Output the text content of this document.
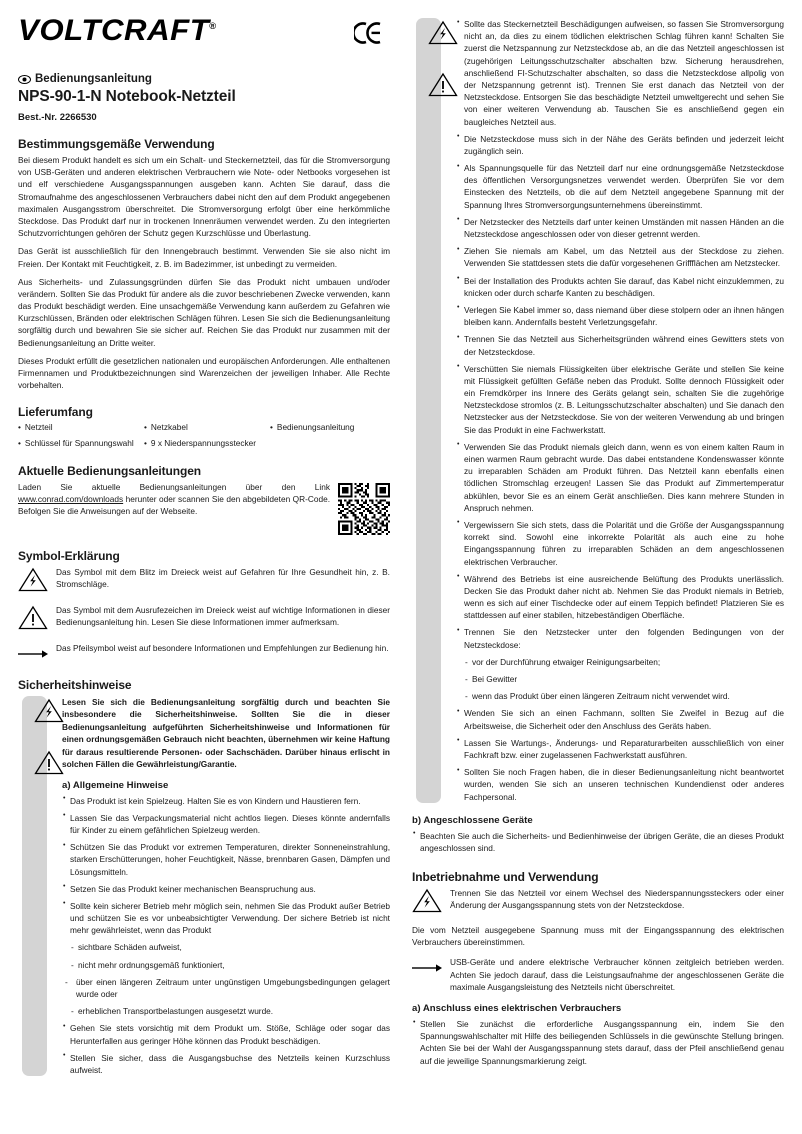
VOLTCRAFT®
Bedienungsanleitung
NPS-90-1-N Notebook-Netzteil
Best.-Nr. 2266530
Bestimmungsgemäße Verwendung

Bei diesem Produkt handelt es sich um ein Schalt- und Steckernetzteil, das für die Stromversorgung von USB-Geräten und anderen elektrischen Verbrauchern wie Note- oder Netbooks vorgesehen ist und elf verschiedene Ausgangsspannungen ausgeben kann. Achten Sie darauf, dass die Stromaufnahme des angeschlossenen Verbrauchers dabei nicht den auf dem Produkt angegebenen maximalen Ausgangsstrom überschreitet. Die Stromversorgung erfolgt über eine herkömmliche Steckdose. Das Produkt darf nur in trockenen Innenräumen verwendet werden. Zu den integrierten Schutzvorrichtungen gehören der Schutz gegen Kurzschlüsse und Überlastung.

Das Gerät ist ausschließlich für den Innengebrauch bestimmt. Verwenden Sie sie also nicht im Freien. Der Kontakt mit Feuchtigkeit, z. B. im Badezimmer, ist unbedingt zu vermeiden.

Aus Sicherheits- und Zulassungsgründen dürfen Sie das Produkt nicht umbauen und/oder verändern. Sollten Sie das Produkt für andere als die zuvor beschriebenen Zwecke verwenden, kann das Produkt beschädigt werden. Eine unsachgemäße Verwendung kann außerdem zu Gefahren wie Kurzschlüssen, Bränden oder elektrischen Schlägen führen. Lesen Sie sich die Bedienungsanleitung sorgfältig durch und bewahren Sie sie sicher auf. Reichen Sie das Produkt nur zusammen mit der Bedienungsanleitung an Dritte weiter.

Dieses Produkt erfüllt die gesetzlichen nationalen und europäischen Anforderungen. Alle enthaltenen Firmennamen und Produktbezeichnungen sind Warenzeichen der jeweiligen Inhaber. Alle Rechte vorbehalten.

Lieferumfang
• Netzteil	• Netzkabel	• Bedienungsanleitung
• Schlüssel für Spannungswahl • 9 x Niederspannungsstecker
Aktuelle Bedienungsanleitungen

Laden Sie aktuelle Bedienungsanleitungen über den Link www.conrad.com/downloads herunter oder scannen Sie den abgebildeten QR-Code. Befolgen Sie die Anweisungen auf der Webseite.

Symbol-Erklärung
Das Symbol mit dem Blitz im Dreieck weist auf Gefahren für Ihre Gesundheit hin, z. B. Stromschläge.
Das Symbol mit dem Ausrufezeichen im Dreieck weist auf wichtige Informationen in dieser Bedienungsanleitung hin. Lesen Sie diese Informationen immer aufmerksam.
Das Pfeilsymbol weist auf besondere Informationen und Empfehlungen zur Bedienung hin.
Sicherheitshinweise

Lesen Sie sich die Bedienungsanleitung sorgfältig durch und beachten Sie insbesondere die Sicherheitshinweise. Sollten Sie die in dieser Bedienungsanleitung aufgeführten Sicherheitshinweise und Informationen für einen ordnungsgemäßen Gebrauch nicht beachten, übernehmen wir keine Haftung für daraus resultierende Personen- oder Sachschäden. Darüber hinaus erlischt in solchen Fällen die Gewährleistung/Garantie.
a) Allgemeine Hinweise
• Das Produkt ist kein Spielzeug. Halten Sie es von Kindern und Haustieren fern.
• Lassen Sie das Verpackungsmaterial nicht achtlos liegen. Dieses könnte andernfalls für Kinder zu einem gefährlichen Spielzeug werden.
• Schützen Sie das Produkt vor extremen Temperaturen, direkter Sonneneinstrahlung, starken Erschütterungen, hoher Feuchtigkeit, Nässe, brennbaren Gasen, Dämpfen und Lösungsmitteln.
• Setzen Sie das Produkt keiner mechanischen Beanspruchung aus.
• Sollte kein sicherer Betrieb mehr möglich sein, nehmen Sie das Produkt außer Betrieb und schützen Sie es vor unbeabsichtigter Verwendung. Der sichere Betrieb ist nicht mehr gewährleistet, wenn das Produkt
- sichtbare Schäden aufweist,
- nicht mehr ordnungsgemäß funktioniert,
- über einen längeren Zeitraum unter ungünstigen Umgebungsbedingungen gelagert wurde oder
- erheblichen Transportbelastungen ausgesetzt wurde.
• Gehen Sie stets vorsichtig mit dem Produkt um. Stöße, Schläge oder sogar das Herunterfallen aus geringer Höhe können das Produkt beschädigen.
• Stellen Sie sicher, dass die Ausgangsbuchse des Netzteils keinen Kurzschluss aufweist.

• Sollte das Steckernetzteil Beschädigungen aufweisen, so fassen Sie Stromversorgung nicht an, da dies zu einem tödlichen elektrischen Schlag führen kann! Schalten Sie zuerst die Netzspannung zur Netzsteckdose ab, an die das Netzteil angeschlossen ist (zugehörigen Leitungsschutzschalter abschalten bzw. Sicherung herausdrehen, anschließend FI-Schutzschalter abschalten, so dass die Netzsteckdose allpolig von der Netzspannung getrennt ist). Trennen Sie erst danach das Netzteil von der Netzsteckdose. Entsorgen Sie das beschädigte Netzteil umweltgerecht und sehen Sie von einer weiteren Verwendung ab. Tauschen Sie es anschließend gegen ein baugleiches Netzteil aus.
• Die Netzsteckdose muss sich in der Nähe des Geräts befinden und jederzeit leicht zugänglich sein.
• Als Spannungsquelle für das Netzteil darf nur eine ordnungsgemäße Netzsteckdose des öffentlichen Versorgungsnetzes verwendet werden. Überprüfen Sie vor dem Einstecken des Netzteils, ob die auf dem Netzteil angegebene Spannung mit der Spannung Ihres Stromversorgungsunternehmens übereinstimmt.
• Der Netzstecker des Netzteils darf unter keinen Umständen mit nassen Händen an die Netzsteckdose angeschlossen oder von dieser getrennt werden.
• Ziehen Sie niemals am Kabel, um das Netzteil aus der Steckdose zu ziehen. Verwenden Sie stattdessen stets die dafür vorgesehenen Griffflächen am Netzstecker.
• Bei der Installation des Produkts achten Sie darauf, das Kabel nicht einzuklemmen, zu knicken oder durch scharfe Kanten zu beschädigen.
• Verlegen Sie Kabel immer so, dass niemand über diese stolpern oder an ihnen hängen bleiben kann. Andernfalls besteht Verletzungsgefahr.
• Trennen Sie das Netzteil aus Sicherheitsgründen während eines Gewitters stets von der Netzsteckdose.
• Verschütten Sie niemals Flüssigkeiten über elektrische Geräte und stellen Sie keine mit Flüssigkeit gefüllten Gefäße neben das Produkt. Sollte dennoch Flüssigkeit oder ein Fremdkörper ins Innere des Geräts gelangt sein, schalten Sie die zugehörige Netzsteckdose stromlos (z. B. Leitungsschutzschalter abschalten) und Sie danach den Netzstecker aus der Netzsteckdose. Sie von der weiteren Verwendung ab und bringen Sie das Produkt in eine Fachwerkstatt.
• Verwenden Sie das Produkt niemals gleich dann, wenn es von einem kalten Raum in einen warmen Raum gebracht wurde. Das dabei entstandene Kondenswasser könnte zu irreparablen Schäden am Produkt führen. Das Netzteil kann ebenfalls einen tödlichen Stromschlag erzeugen! Lassen Sie das Produkt auf Zimmertemperatur abkühlen, bevor Sie es an einem Gerät anschließen. Dies kann mehrere Stunden in Anspruch nehmen.
• Vergewissern Sie sich stets, dass die Polarität und die Größe der Ausgangsspannung korrekt sind. Sowohl eine inkorrekte Polarität als auch eine zu hohe Eingangsspannung führen zu irreparablen Schäden an dem angeschlossenen elektrischen Verbraucher.
• Während des Betriebs ist eine ausreichende Belüftung des Produkts unerlässlich. Decken Sie das Produkt daher nicht ab. Nehmen Sie das Produkt niemals in Betrieb, wenn es sich auf einer Tischdecke oder auf einem Teppich befindet! Platzieren Sie es stattdessen auf einer stabilen, hitzebeständigen Oberfläche.
• Trennen Sie den Netzstecker unter den folgenden Bedingungen von der Netzsteckdose:
- vor der Durchführung etwaiger Reinigungsarbeiten;
- Bei Gewitter
- wenn das Produkt über einen längeren Zeitraum nicht verwendet wird.
• Wenden Sie sich an einen Fachmann, sollten Sie Zweifel in Bezug auf die Arbeitsweise, die Sicherheit oder den Anschluss des Geräts haben.
• Lassen Sie Wartungs-, Änderungs- und Reparaturarbeiten ausschließlich von einer Fachkraft bzw. einer zugelassenen Fachwerkstatt ausführen.
• Sollten Sie noch Fragen haben, die in dieser Bedienungsanleitung nicht beantwortet wurden, wenden Sie sich an unseren technischen Kundendienst oder anderes Fachpersonal.
b) Angeschlossene Geräte
• Beachten Sie auch die Sicherheits- und Bedienhinweise der übrigen Geräte, die an dieses Produkt angeschlossen sind.
Inbetriebnahme und Verwendung
Trennen Sie das Netzteil vor einem Wechsel des Niederspannungssteckers oder einer Änderung der Ausgangsspannung stets von der Netzsteckdose.
Die vom Netzteil ausgegebene Spannung muss mit der Eingangsspannung des elektrischen Verbrauchers übereinstimmen.
USB-Geräte und andere elektrische Verbraucher können zeitgleich betrieben werden. Achten Sie jedoch darauf, dass die Leistungsaufnahme der angeschlossenen Geräte die maximale Ausgangsleistung des Netzteils nicht überschreitet.
a) Anschluss eines elektrischen Verbrauchers
• Stellen Sie zunächst die erforderliche Ausgangsspannung ein, indem Sie den Spannungswahlschalter mit Hilfe des beiliegenden Schlüssels in die gewünschte Stellung bringen. Achten Sie bei der Wahl der Ausgangsspannung stets darauf, dass der Pfeil anschließend genau auf die jeweilige Spannungsmarkierung zeigt.
